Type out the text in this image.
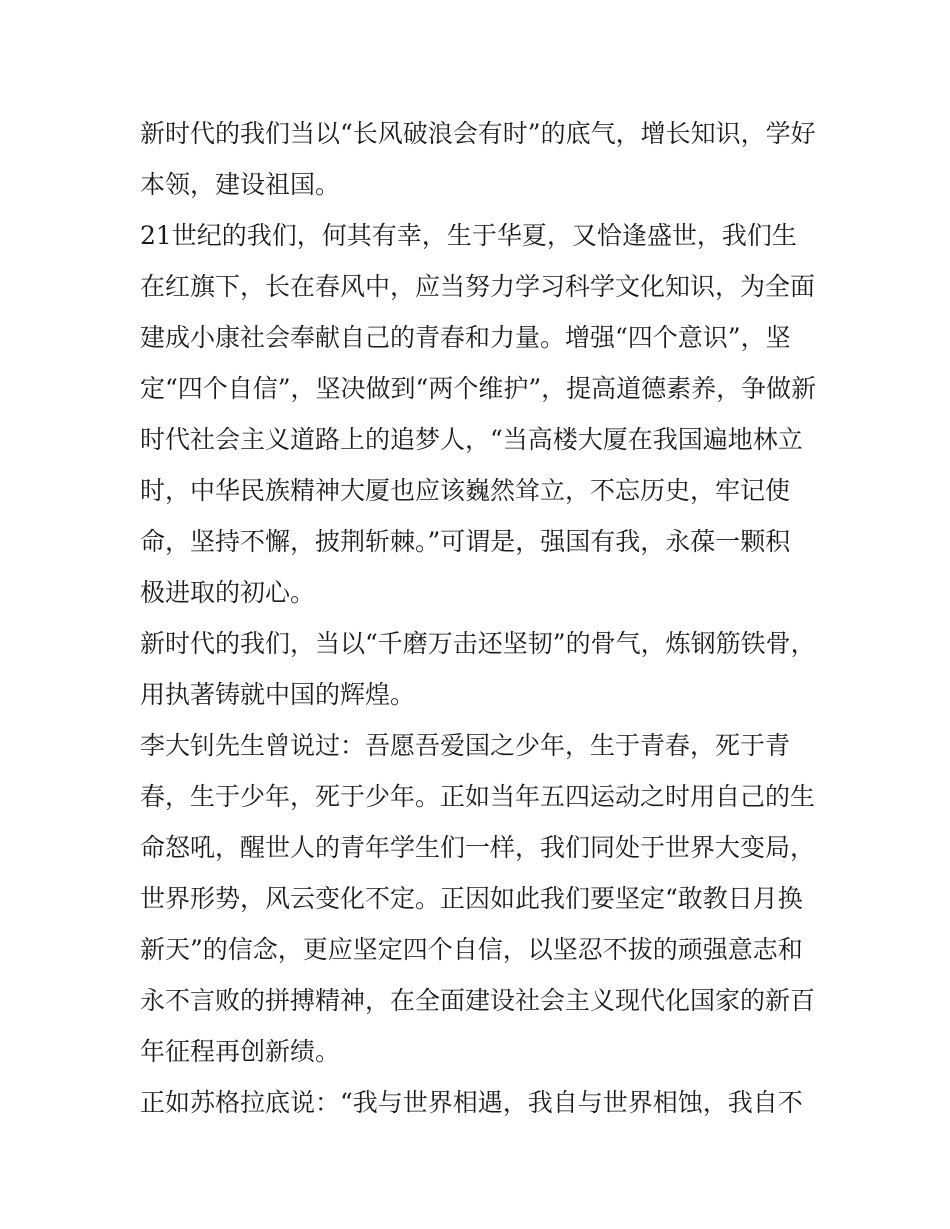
新时代的我们当以“长风破浪会有时”的底气，增长知识，学好
本领，建设祖国。
21世纪的我们，何其有幸，生于华夏，又恰逢盛世，我们生
在红旗下，长在春风中，应当努力学习科学文化知识，为全面
建成小康社会奉献自己的青春和力量。增强“四个意识”，坚
定“四个自信”，坚决做到“两个维护”，提高道德素养，争做新
时代社会主义道路上的追梦人，“当高楼大厦在我国遍地林立
时，中华民族精神大厦也应该巍然耸立，不忘历史，牢记使
命，坚持不懈，披荆斩棘。”可谓是，强国有我，永葆一颗积
极进取的初心。
新时代的我们，当以“千磨万击还坚韧”的骨气，炼钢筋铁骨，
用执著铸就中国的辉煌。
李大钊先生曾说过：吾愿吾爱国之少年，生于青春，死于青
春，生于少年，死于少年。正如当年五四运动之时用自己的生
命怒吼，醒世人的青年学生们一样，我们同处于世界大变局，
世界形势，风云变化不定。正因如此我们要坚定“敢教日月换
新天”的信念，更应坚定四个自信，以坚忍不拔的顽强意志和
永不言败的拼搏精神，在全面建设社会主义现代化国家的新百
年征程再创新绩。
正如苏格拉底说：“我与世界相遇，我自与世界相蚀，我自不
